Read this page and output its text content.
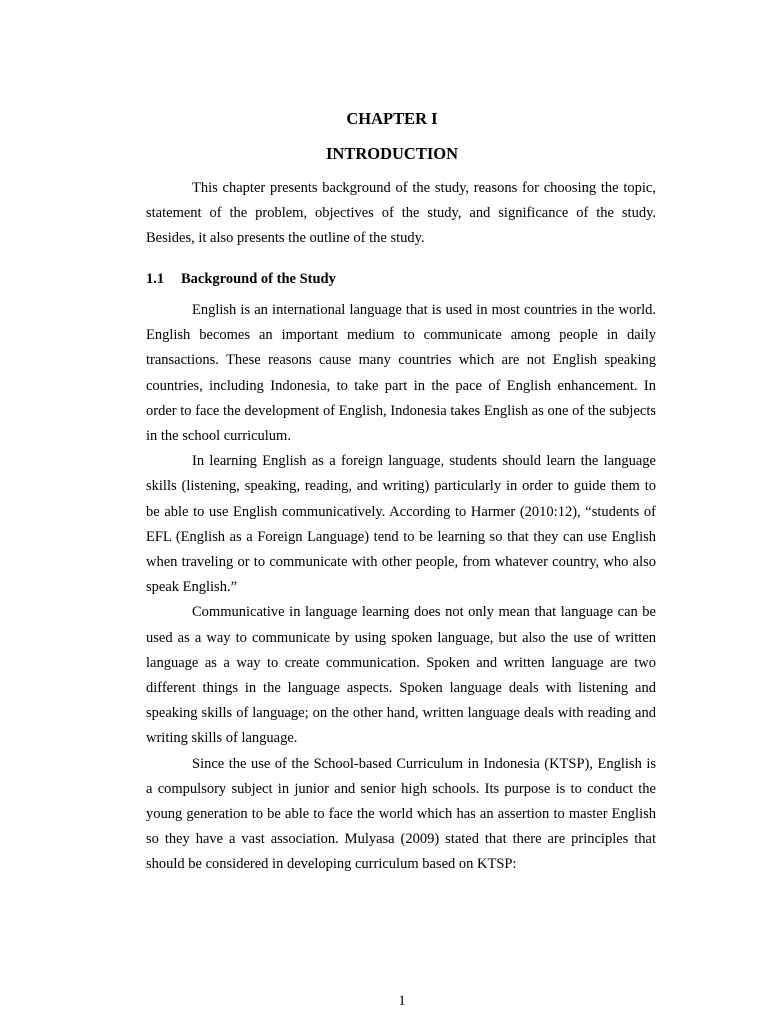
CHAPTER I
INTRODUCTION

This chapter presents background of the study, reasons for choosing the topic, statement of the problem, objectives of the study, and significance of the study. Besides, it also presents the outline of the study.

1.1 Background of the Study

English is an international language that is used in most countries in the world. English becomes an important medium to communicate among people in daily transactions. These reasons cause many countries which are not English speaking countries, including Indonesia, to take part in the pace of English enhancement. In order to face the development of English, Indonesia takes English as one of the subjects in the school curriculum.

In learning English as a foreign language, students should learn the language skills (listening, speaking, reading, and writing) particularly in order to guide them to be able to use English communicatively. According to Harmer (2010:12), “students of EFL (English as a Foreign Language) tend to be learning so that they can use English when traveling or to communicate with other people, from whatever country, who also speak English.”

Communicative in language learning does not only mean that language can be used as a way to communicate by using spoken language, but also the use of written language as a way to create communication. Spoken and written language are two different things in the language aspects. Spoken language deals with listening and speaking skills of language; on the other hand, written language deals with reading and writing skills of language.

Since the use of the School-based Curriculum in Indonesia (KTSP), English is a compulsory subject in junior and senior high schools. Its purpose is to conduct the young generation to be able to face the world which has an assertion to master English so they have a vast association. Mulyasa (2009) stated that there are principles that should be considered in developing curriculum based on KTSP:

1
